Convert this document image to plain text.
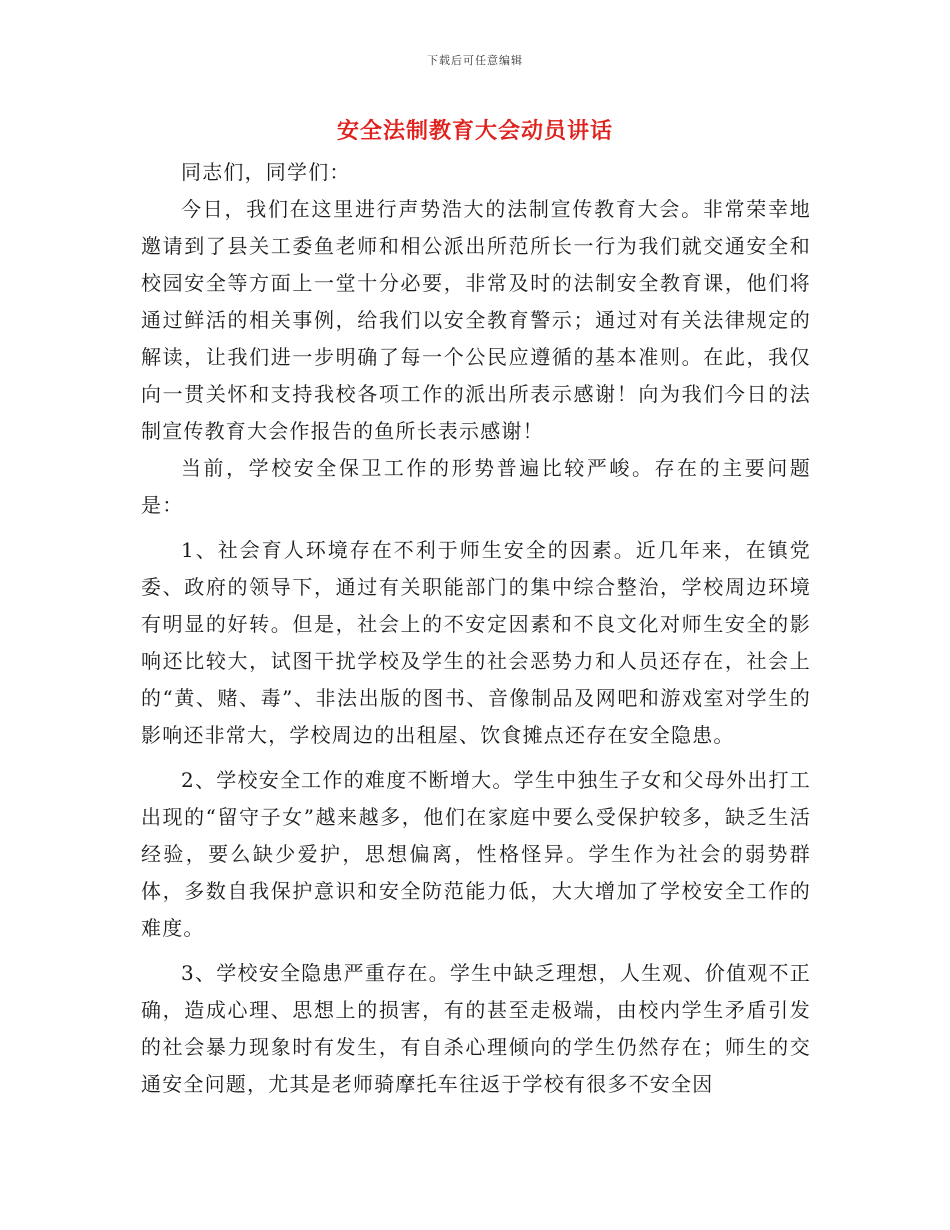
下载后可任意编辑
安全法制教育大会动员讲话

同志们，同学们：

今日，我们在这里进行声势浩大的法制宣传教育大会。非常荣幸地邀请到了县关工委鱼老师和相公派出所范所长一行为我们就交通安全和校园安全等方面上一堂十分必要，非常及时的法制安全教育课，他们将通过鲜活的相关事例，给我们以安全教育警示；通过对有关法律规定的解读，让我们进一步明确了每一个公民应遵循的基本准则。在此，我仅向一贯关怀和支持我校各项工作的派出所表示感谢！向为我们今日的法制宣传教育大会作报告的鱼所长表示感谢！

当前，学校安全保卫工作的形势普遍比较严峻。存在的主要问题是：

1、社会育人环境存在不利于师生安全的因素。近几年来，在镇党委、政府的领导下，通过有关职能部门的集中综合整治，学校周边环境有明显的好转。但是，社会上的不安定因素和不良文化对师生安全的影响还比较大，试图干扰学校及学生的社会恶势力和人员还存在，社会上的“黄、赌、毒”、非法出版的图书、音像制品及网吧和游戏室对学生的影响还非常大，学校周边的出租屋、饮食摊点还存在安全隐患。

2、学校安全工作的难度不断增大。学生中独生子女和父母外出打工出现的“留守子女”越来越多，他们在家庭中要么受保护较多，缺乏生活经验，要么缺少爱护，思想偏离，性格怪异。学生作为社会的弱势群体，多数自我保护意识和安全防范能力低，大大增加了学校安全工作的难度。

3、学校安全隐患严重存在。学生中缺乏理想，人生观、价值观不正确，造成心理、思想上的损害，有的甚至走极端，由校内学生矛盾引发的社会暴力现象时有发生，有自杀心理倾向的学生仍然存在；师生的交通安全问题，尤其是老师骑摩托车往返于学校有很多不安全因
